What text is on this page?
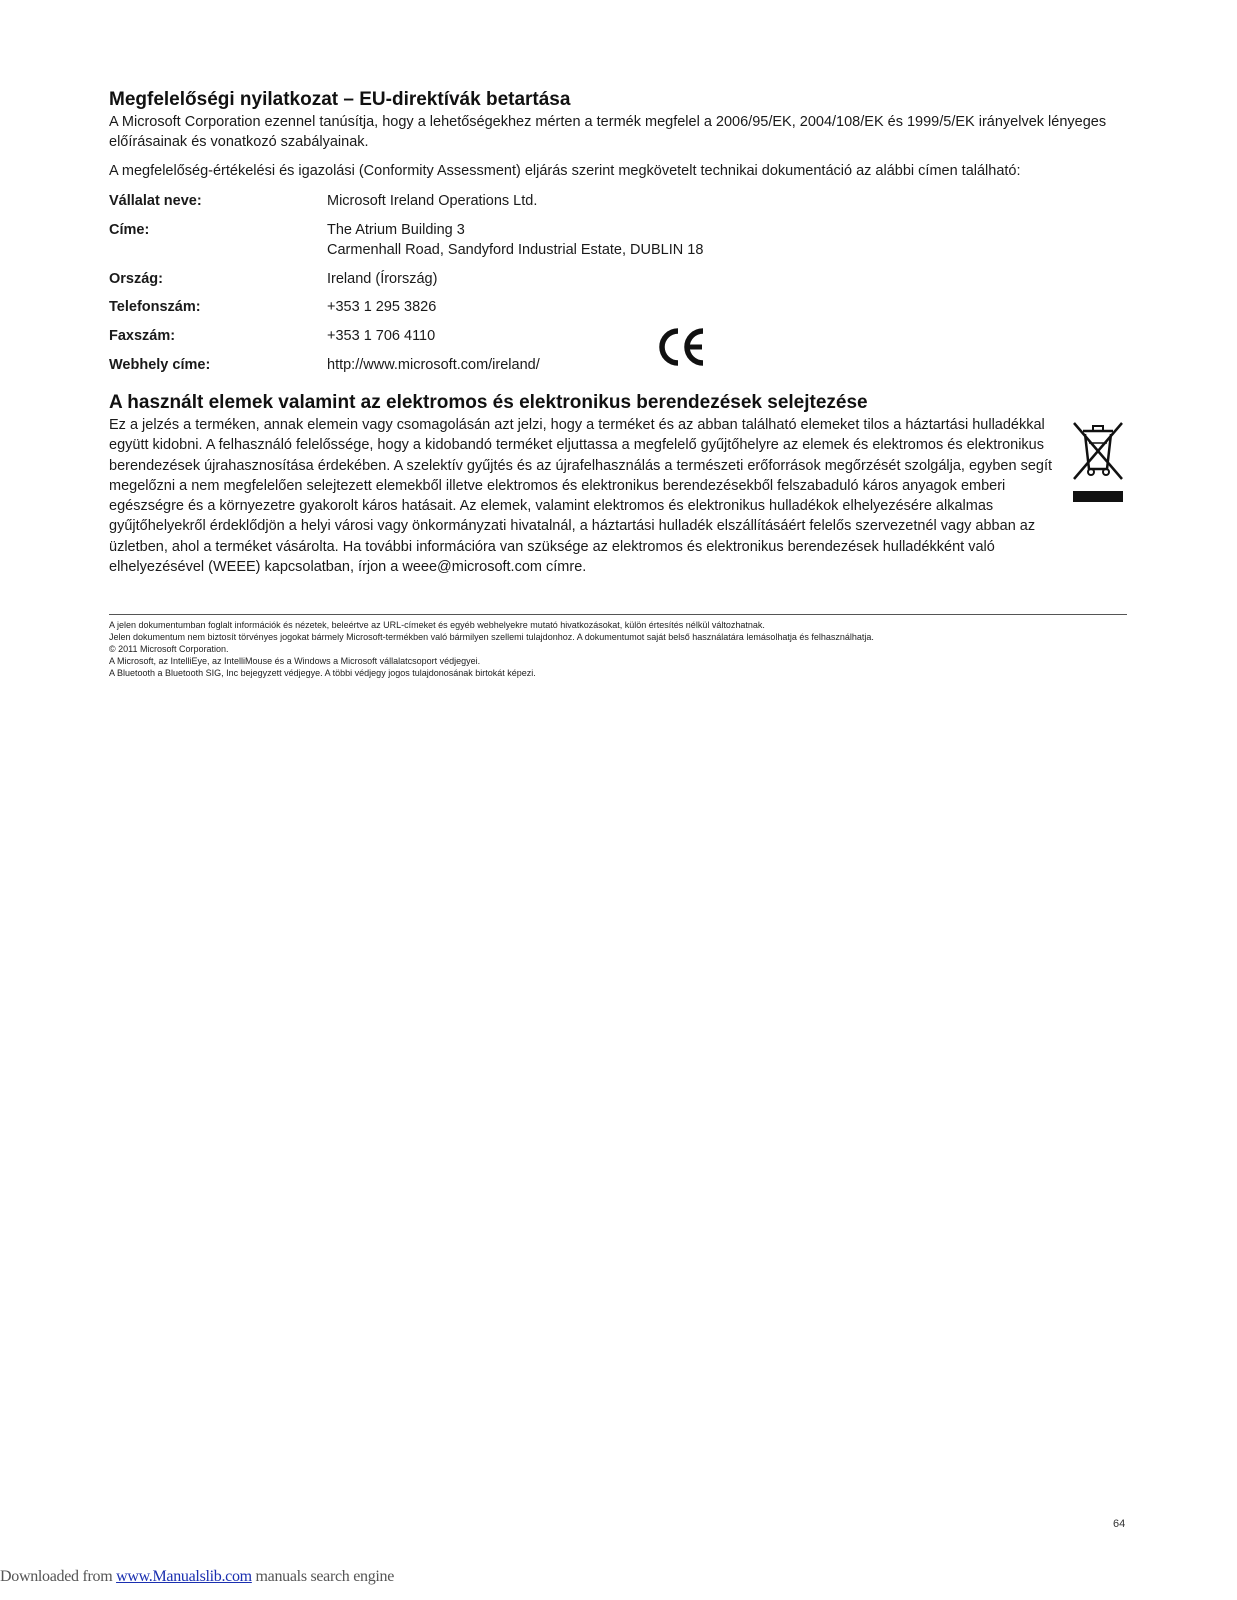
Megfelelőségi nyilatkozat – EU-direktívák betartása

A Microsoft Corporation ezennel tanúsítja, hogy a lehetőségekhez mérten a termék megfelel a 2006/95/EK, 2004/108/EK és 1999/5/EK irányelvek lényeges előírásainak és vonatkozó szabályainak.

A megfelelőség-értékelési és igazolási (Conformity Assessment) eljárás szerint megkövetelt technikai dokumentáció az alábbi címen található:

Vállalat neve:	Microsoft Ireland Operations Ltd.
Címe:	The Atrium Building 3
Carmenhall Road, Sandyford Industrial Estate, DUBLIN 18
Ország:	Ireland (Írország)
Telefonszám:	+353 1 295 3826
Faxszám:	+353 1 706 4110
Webhely címe:	http://www.microsoft.com/ireland/
A használt elemek valamint az elektromos és elektronikus berendezések selejtezése

Ez a jelzés a terméken, annak elemein vagy csomagolásán azt jelzi, hogy a terméket és az abban található elemeket tilos a háztartási hulladékkal együtt kidobni. A felhasználó felelőssége, hogy a kidobandó terméket eljuttassa a megfelelő gyűjtőhelyre az elemek és elektromos és elektronikus berendezések újrahasznosítása érdekében. A szelektív gyűjtés és az újrafelhasználás a természeti erőforrások megőrzését szolgálja, egyben segít megelőzni a nem megfelelően selejtezett elemekből illetve elektromos és elektronikus berendezésekből felszabaduló káros anyagok emberi egészségre és a környezetre gyakorolt káros hatásait. Az elemek, valamint elektromos és elektronikus hulladékok elhelyezésére alkalmas gyűjtőhelyekről érdeklődjön a helyi városi vagy önkormányzati hivatalnál, a háztartási hulladék elszállításáért felelős szervezetnél vagy abban az üzletben, ahol a terméket vásárolta. Ha további információra van szüksége az elektromos és elektronikus berendezések hulladékként való elhelyezésével (WEEE) kapcsolatban, írjon a weee@microsoft.com címre.

A jelen dokumentumban foglalt információk és nézetek, beleértve az URL-címeket és egyéb webhelyekre mutató hivatkozásokat, külön értesítés nélkül változhatnak.
Jelen dokumentum nem biztosít törvényes jogokat bármely Microsoft-termékben való bármilyen szellemi tulajdonhoz. A dokumentumot saját belső használatára lemásolhatja és felhasználhatja.
© 2011 Microsoft Corporation.
A Microsoft, az IntelliEye, az IntelliMouse és a Windows a Microsoft vállalatcsoport védjegyei.
A Bluetooth a Bluetooth SIG, Inc bejegyzett védjegye. A többi védjegy jogos tulajdonosának birtokát képezi.
64
Downloaded from www.Manualslib.com manuals search engine
